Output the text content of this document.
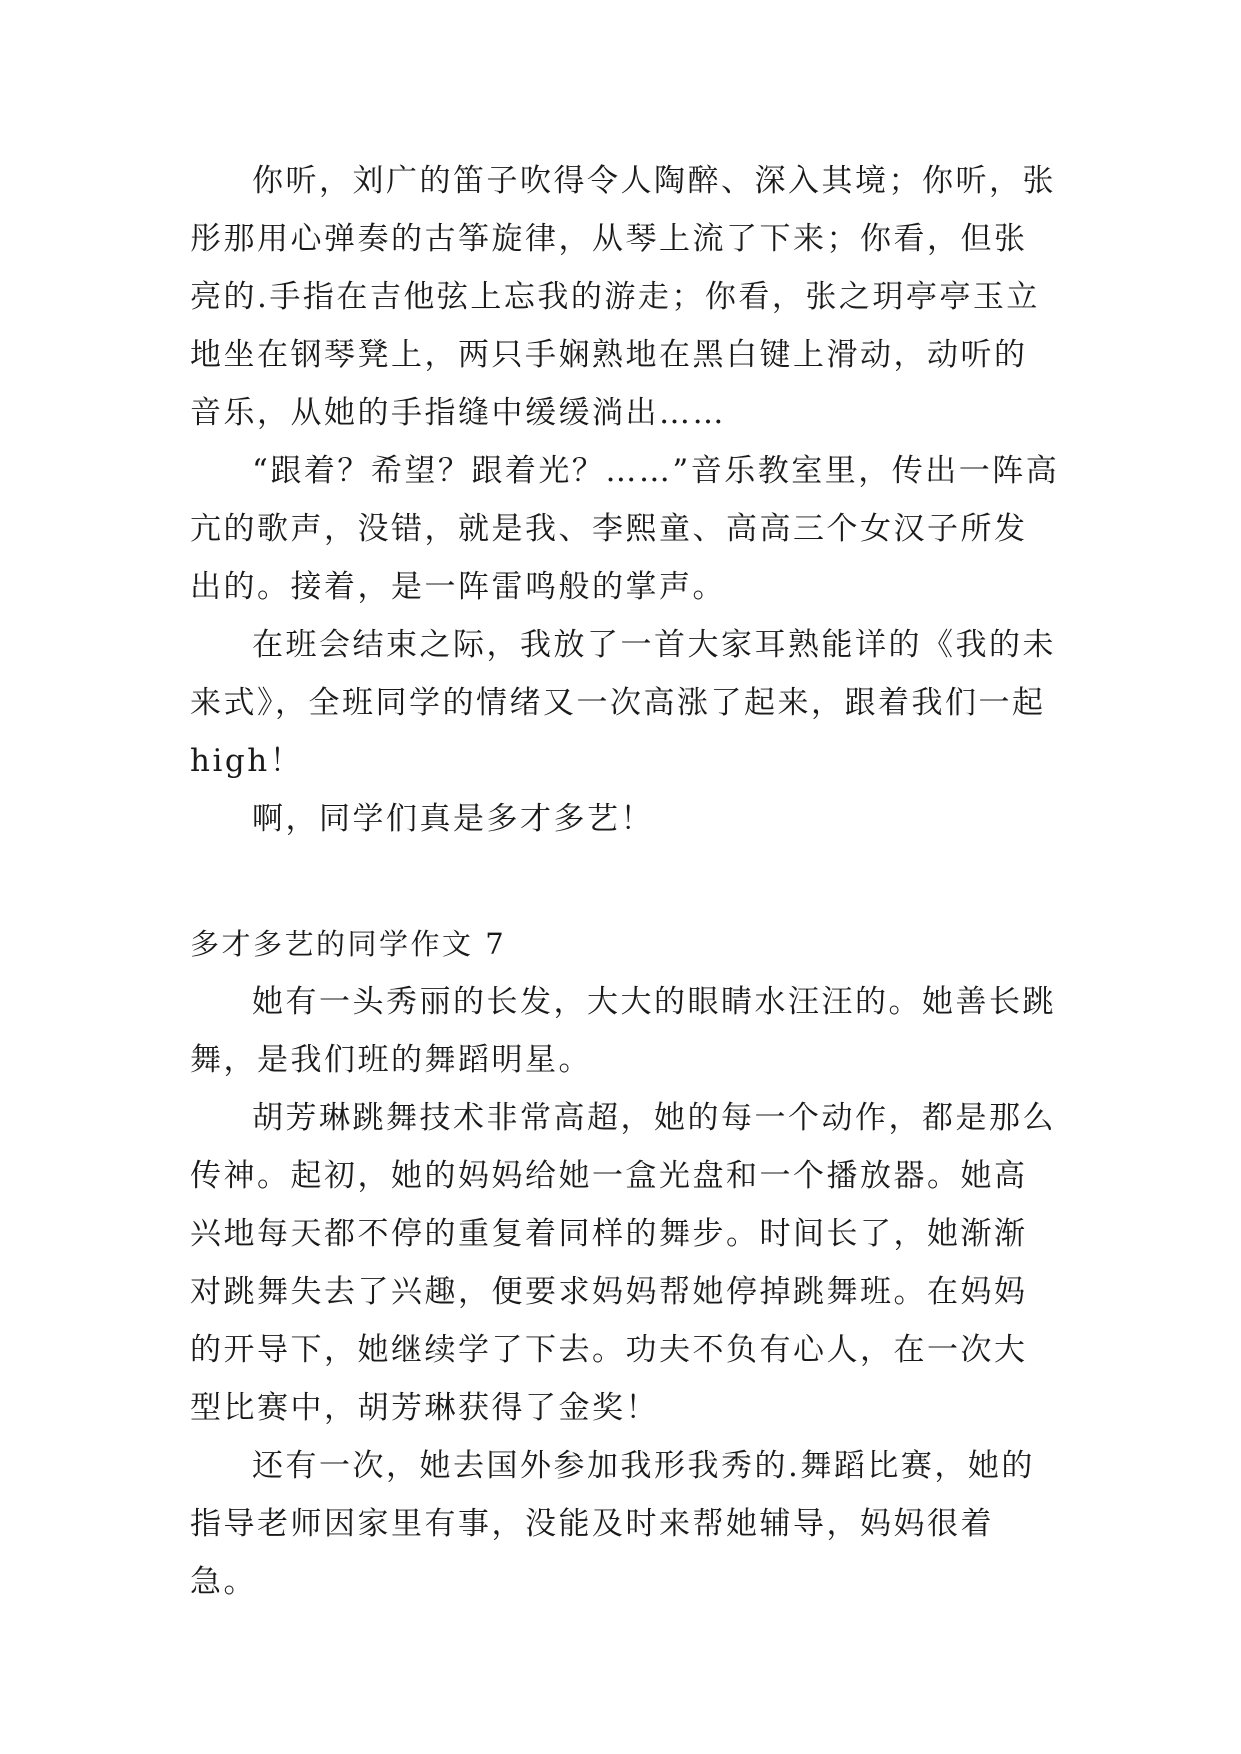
你听，刘广的笛子吹得令人陶醉、深入其境；你听，张彤那用心弹奏的古筝旋律，从琴上流了下来；你看，但张亮的.手指在吉他弦上忘我的游走；你看，张之玥亭亭玉立地坐在钢琴凳上，两只手娴熟地在黑白键上滑动，动听的音乐，从她的手指缝中缓缓淌出……

“跟着？希望？跟着光？……”音乐教室里，传出一阵高亢的歌声，没错，就是我、李熙童、高高三个女汉子所发出的。接着，是一阵雷鸣般的掌声。

在班会结束之际，我放了一首大家耳熟能详的《我的未来式》，全班同学的情绪又一次高涨了起来，跟着我们一起high！

啊，同学们真是多才多艺！

多才多艺的同学作文 7

她有一头秀丽的长发，大大的眼睛水汪汪的。她善长跳舞，是我们班的舞蹈明星。

胡芳琳跳舞技术非常高超，她的每一个动作，都是那么传神。起初，她的妈妈给她一盒光盘和一个播放器。她高兴地每天都不停的重复着同样的舞步。时间长了，她渐渐对跳舞失去了兴趣，便要求妈妈帮她停掉跳舞班。在妈妈的开导下，她继续学了下去。功夫不负有心人，在一次大型比赛中，胡芳琳获得了金奖！

还有一次，她去国外参加我形我秀的.舞蹈比赛，她的指导老师因家里有事，没能及时来帮她辅导，妈妈很着急。
